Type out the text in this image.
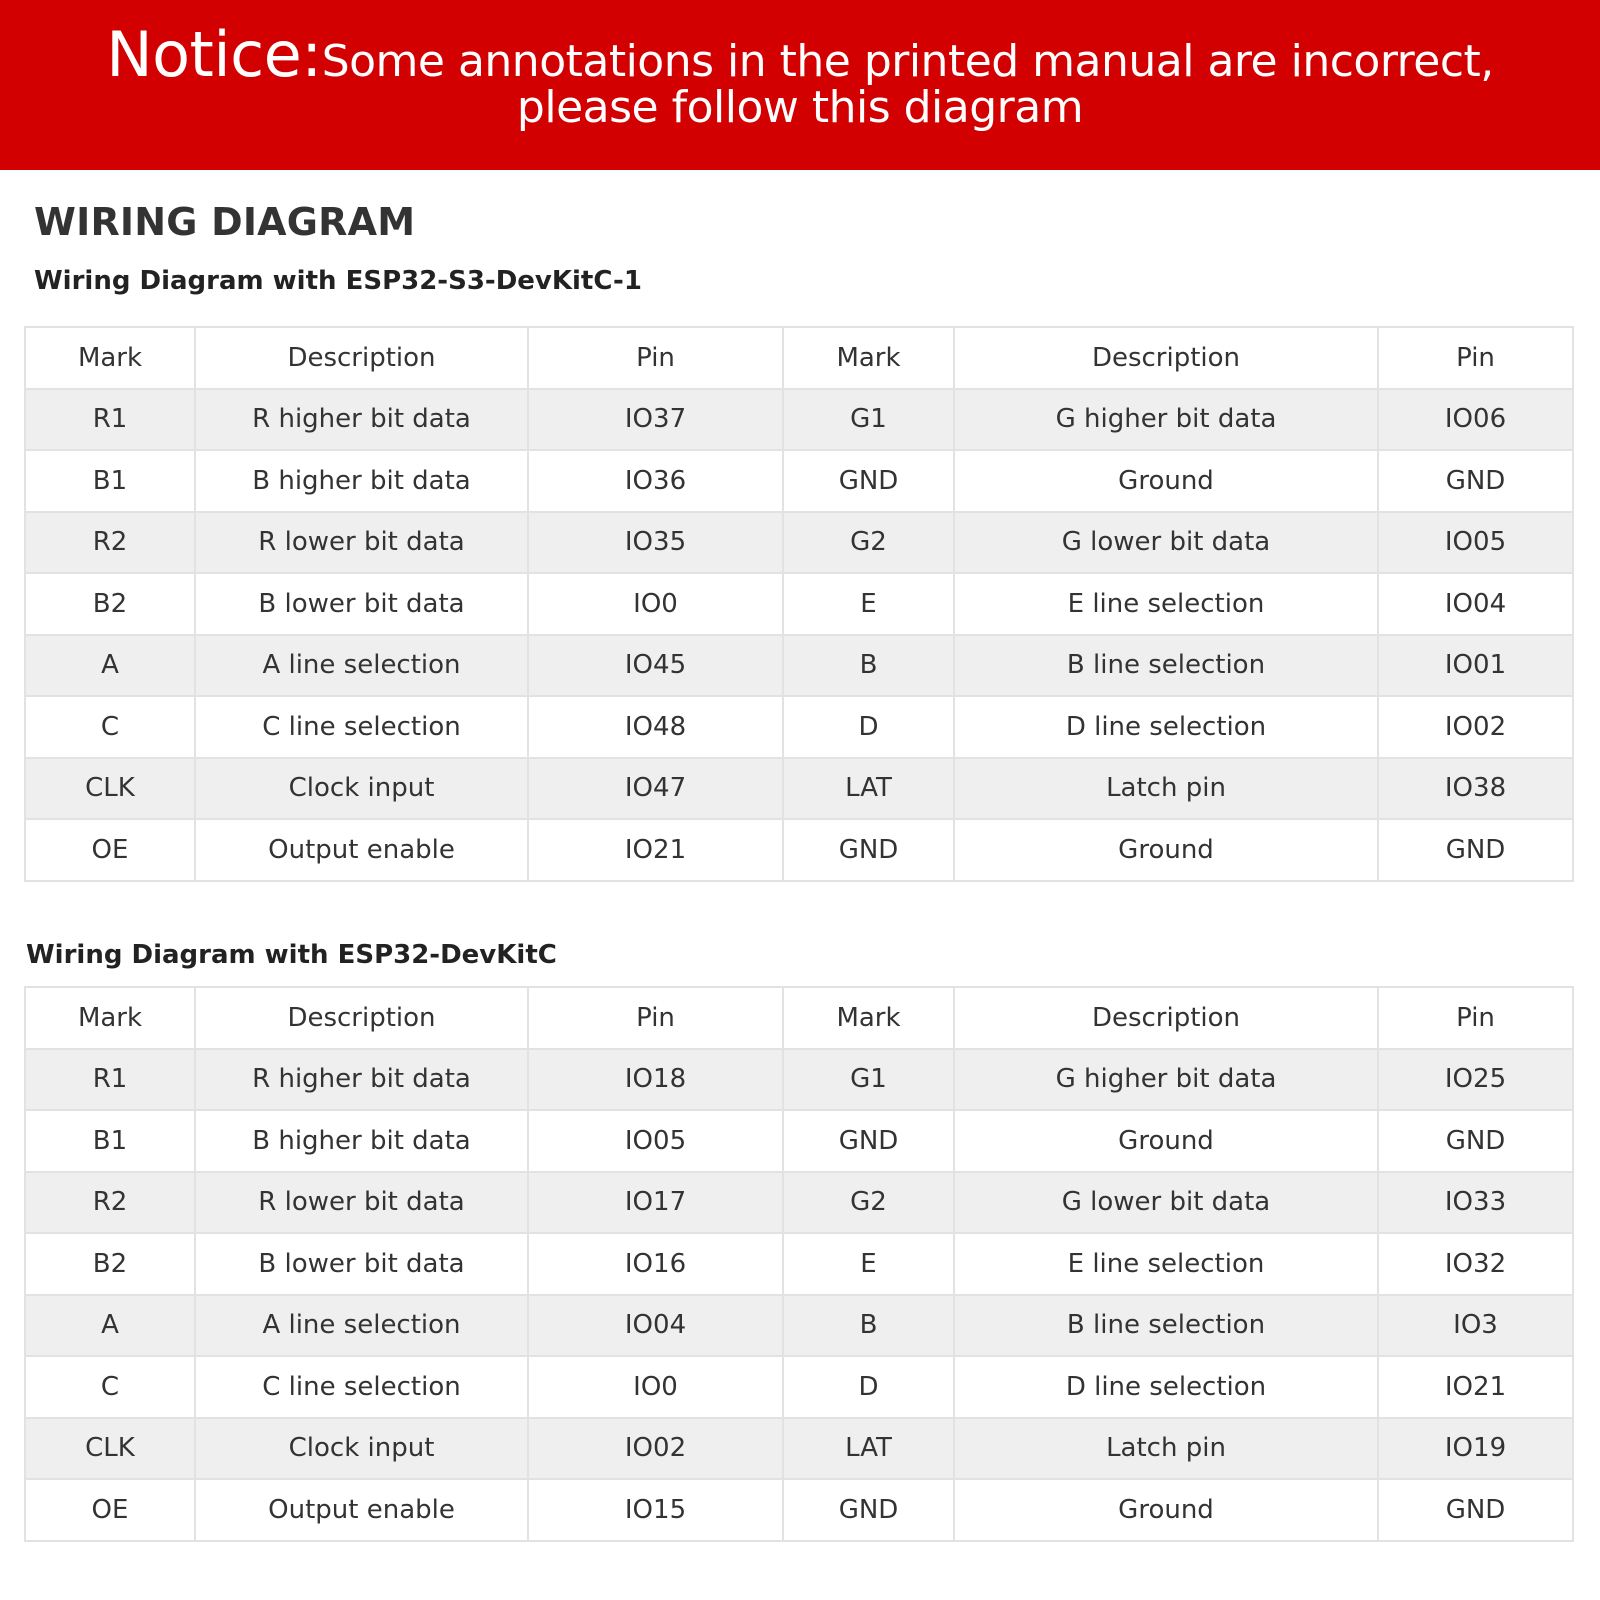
Notice:Some annotations in the printed manual are incorrect,
please follow this diagram
WIRING DIAGRAM
Wiring Diagram with ESP32-S3-DevKitC-1
Mark	Description	Pin	Mark	Description	Pin
R1	R higher bit data	IO37	G1	G higher bit data	IO06
B1	B higher bit data	IO36	GND	Ground	GND
R2	R lower bit data	IO35	G2	G lower bit data	IO05
B2	B lower bit data	IO0	E	E line selection	IO04
A	A line selection	IO45	B	B line selection	IO01
C	C line selection	IO48	D	D line selection	IO02
CLK	Clock input	IO47	LAT	Latch pin	IO38
OE	Output enable	IO21	GND	Ground	GND
Wiring Diagram with ESP32-DevKitC
Mark	Description	Pin	Mark	Description	Pin
R1	R higher bit data	IO18	G1	G higher bit data	IO25
B1	B higher bit data	IO05	GND	Ground	GND
R2	R lower bit data	IO17	G2	G lower bit data	IO33
B2	B lower bit data	IO16	E	E line selection	IO32
A	A line selection	IO04	B	B line selection	IO3
C	C line selection	IO0	D	D line selection	IO21
CLK	Clock input	IO02	LAT	Latch pin	IO19
OE	Output enable	IO15	GND	Ground	GND
